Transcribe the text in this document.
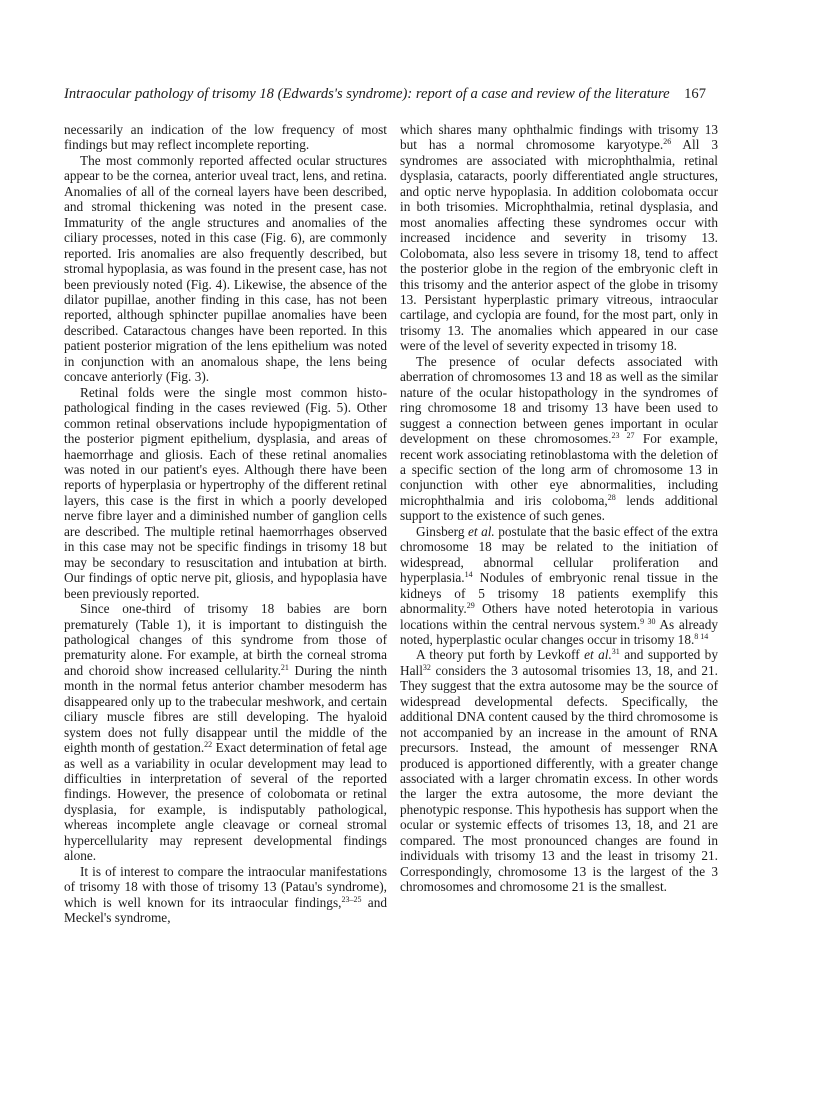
Intraocular pathology of trisomy 18 (Edwards's syndrome): report of a case and review of the literature 167

necessarily an indication of the low frequency of most findings but may reflect incomplete reporting.

The most commonly reported affected ocular structures appear to be the cornea, anterior uveal tract, lens, and retina. Anomalies of all of the corneal layers have been described, and stromal thickening was noted in the present case. Immaturity of the angle structures and anomalies of the ciliary processes, noted in this case (Fig. 6), are commonly reported. Iris anomalies are also frequently described, but stromal hypoplasia, as was found in the present case, has not been previously noted (Fig. 4). Likewise, the absence of the dilator pupillae, another finding in this case, has not been reported, although sphincter pupillae anomalies have been described. Cataractous changes have been reported. In this patient posterior migration of the lens epithelium was noted in conjunction with an anomalous shape, the lens being concave anteriorly (Fig. 3).

Retinal folds were the single most common histopathological finding in the cases reviewed (Fig. 5). Other common retinal observations include hypopigmentation of the posterior pigment epithelium, dysplasia, and areas of haemorrhage and gliosis. Each of these retinal anomalies was noted in our patient's eyes. Although there have been reports of hyperplasia or hypertrophy of the different retinal layers, this case is the first in which a poorly developed nerve fibre layer and a diminished number of ganglion cells are described. The multiple retinal haemorrhages observed in this case may not be specific findings in trisomy 18 but may be secondary to resuscitation and intubation at birth. Our findings of optic nerve pit, gliosis, and hypoplasia have been previously reported.

Since one-third of trisomy 18 babies are born prematurely (Table 1), it is important to distinguish the pathological changes of this syndrome from those of prematurity alone. For example, at birth the corneal stroma and choroid show increased cellularity.$^{21}$ During the ninth month in the normal fetus anterior chamber mesoderm has disappeared only up to the trabecular meshwork, and certain ciliary muscle fibres are still developing. The hyaloid system does not fully disappear until the middle of the eighth month of gestation.$^{22}$ Exact determination of fetal age as well as a variability in ocular development may lead to difficulties in interpretation of several of the reported findings. However, the presence of colobomata or retinal dysplasia, for example, is indisputably pathological, whereas incomplete angle cleavage or corneal stromal hypercellularity may represent developmental findings alone.

It is of interest to compare the intraocular manifestations of trisomy 18 with those of trisomy 13 (Patau's syndrome), which is well known for its intraocular findings,$^{23-25}$ and Meckel's syndrome,

which shares many ophthalmic findings with trisomy 13 but has a normal chromosome karyotype.$^{26}$ All 3 syndromes are associated with microphthalmia, retinal dysplasia, cataracts, poorly differentiated angle structures, and optic nerve hypoplasia. In addition colobomata occur in both trisomies. Microphthalmia, retinal dysplasia, and most anomalies affecting these syndromes occur with increased incidence and severity in trisomy 13. Colobomata, also less severe in trisomy 18, tend to affect the posterior globe in the region of the embryonic cleft in this trisomy and the anterior aspect of the globe in trisomy 13. Persistant hyperplastic primary vitreous, intraocular cartilage, and cyclopia are found, for the most part, only in trisomy 13. The anomalies which appeared in our case were of the level of severity expected in trisomy 18.

The presence of ocular defects associated with aberration of chromosomes 13 and 18 as well as the similar nature of the ocular histopathology in the syndromes of ring chromosome 18 and trisomy 13 have been used to suggest a connection between genes important in ocular development on these chromosomes.$^{23 27}$ For example, recent work associating retinoblastoma with the deletion of a specific section of the long arm of chromosome 13 in conjunction with other eye abnormalities, including microphthalmia and iris coloboma,$^{28}$ lends additional support to the existence of such genes.

Ginsberg et al. postulate that the basic effect of the extra chromosome 18 may be related to the initiation of widespread, abnormal cellular proliferation and hyperplasia.$^{14}$ Nodules of embryonic renal tissue in the kidneys of 5 trisomy 18 patients exemplify this abnormality.$^{29}$ Others have noted heterotopia in various locations within the central nervous system.$^{9 30}$ As already noted, hyperplastic ocular changes occur in trisomy 18.$^{8 14}$

A theory put forth by Levkoff et al.$^{31}$ and supported by Hall$^{32}$ considers the 3 autosomal trisomies 13, 18, and 21. They suggest that the extra autosome may be the source of widespread developmental defects. Specifically, the additional DNA content caused by the third chromosome is not accompanied by an increase in the amount of RNA precursors. Instead, the amount of messenger RNA produced is apportioned differently, with a greater change associated with a larger chromatin excess. In other words the larger the extra autosome, the more deviant the phenotypic response. This hypothesis has support when the ocular or systemic effects of trisomes 13, 18, and 21 are compared. The most pronounced changes are found in individuals with trisomy 13 and the least in trisomy 21. Correspondingly, chromosome 13 is the largest of the 3 chromosomes and chromosome 21 is the smallest.
